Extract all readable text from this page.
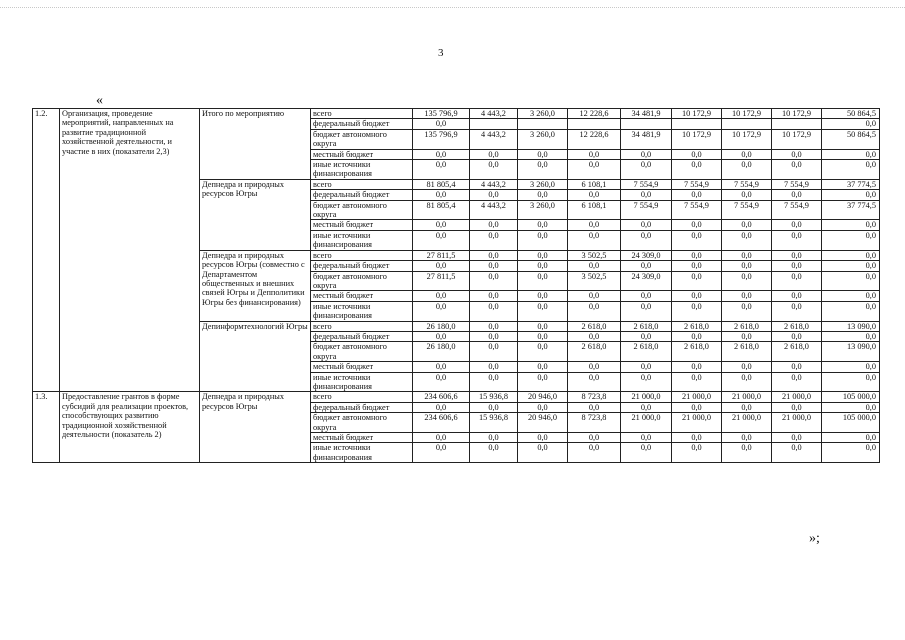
3
«
1.2.	Организация, проведение мероприятий, направленных на развитие традиционной хозяйственной деятельности, и участие в них (показатели 2,3)	Итого по мероприятию	всего	135 796,9	4 443,2	3 260,0	12 228,6	34 481,9	10 172,9	10 172,9	10 172,9	50 864,5
			федеральный бюджет	0,0								0,0
			бюджет автономного округа	135 796,9	4 443,2	3 260,0	12 228,6	34 481,9	10 172,9	10 172,9	10 172,9	50 864,5
			местный бюджет	0,0	0,0	0,0	0,0	0,0	0,0	0,0	0,0	0,0
			иные источники финансирования	0,0	0,0	0,0	0,0	0,0	0,0	0,0	0,0	0,0
		Депнедра и природных ресурсов Югры	всего	81 805,4	4 443,2	3 260,0	6 108,1	7 554,9	7 554,9	7 554,9	7 554,9	37 774,5
			федеральный бюджет	0,0	0,0	0,0	0,0	0,0	0,0	0,0	0,0	0,0
			бюджет автономного округа	81 805,4	4 443,2	3 260,0	6 108,1	7 554,9	7 554,9	7 554,9	7 554,9	37 774,5
			местный бюджет	0,0	0,0	0,0	0,0	0,0	0,0	0,0	0,0	0,0
			иные источники финансирования	0,0	0,0	0,0	0,0	0,0	0,0	0,0	0,0	0,0
		Депнедра и природных ресурсов Югры (совместно с Департаментом общественных и внешних связей Югры и Депполитики Югры без финансирования)	всего	27 811,5	0,0	0,0	3 502,5	24 309,0	0,0	0,0	0,0	0,0
			федеральный бюджет	0,0	0,0	0,0	0,0	0,0	0,0	0,0	0,0	0,0
			бюджет автономного округа	27 811,5	0,0	0,0	3 502,5	24 309,0	0,0	0,0	0,0	0,0
			местный бюджет	0,0	0,0	0,0	0,0	0,0	0,0	0,0	0,0	0,0
			иные источники финансирования	0,0	0,0	0,0	0,0	0,0	0,0	0,0	0,0	0,0
		Депинформтехнологий Югры	всего	26 180,0	0,0	0,0	2 618,0	2 618,0	2 618,0	2 618,0	2 618,0	13 090,0
			федеральный бюджет	0,0	0,0	0,0	0,0	0,0	0,0	0,0	0,0	0,0
			бюджет автономного округа	26 180,0	0,0	0,0	2 618,0	2 618,0	2 618,0	2 618,0	2 618,0	13 090,0
			местный бюджет	0,0	0,0	0,0	0,0	0,0	0,0	0,0	0,0	0,0
			иные источники финансирования	0,0	0,0	0,0	0,0	0,0	0,0	0,0	0,0	0,0
1.3.	Предоставление грантов в форме субсидий для реализации проектов, способствующих развитию традиционной хозяйственной деятельности (показатель 2)	Депнедра и природных ресурсов Югры	всего	234 606,6	15 936,8	20 946,0	8 723,8	21 000,0	21 000,0	21 000,0	21 000,0	105 000,0
			федеральный бюджет	0,0	0,0	0,0	0,0	0,0	0,0	0,0	0,0	0,0
			бюджет автономного округа	234 606,6	15 936,8	20 946,0	8 723,8	21 000,0	21 000,0	21 000,0	21 000,0	105 000,0
			местный бюджет	0,0	0,0	0,0	0,0	0,0	0,0	0,0	0,0	0,0
			иные источники финансирования	0,0	0,0	0,0	0,0	0,0	0,0	0,0	0,0	0,0
»;
